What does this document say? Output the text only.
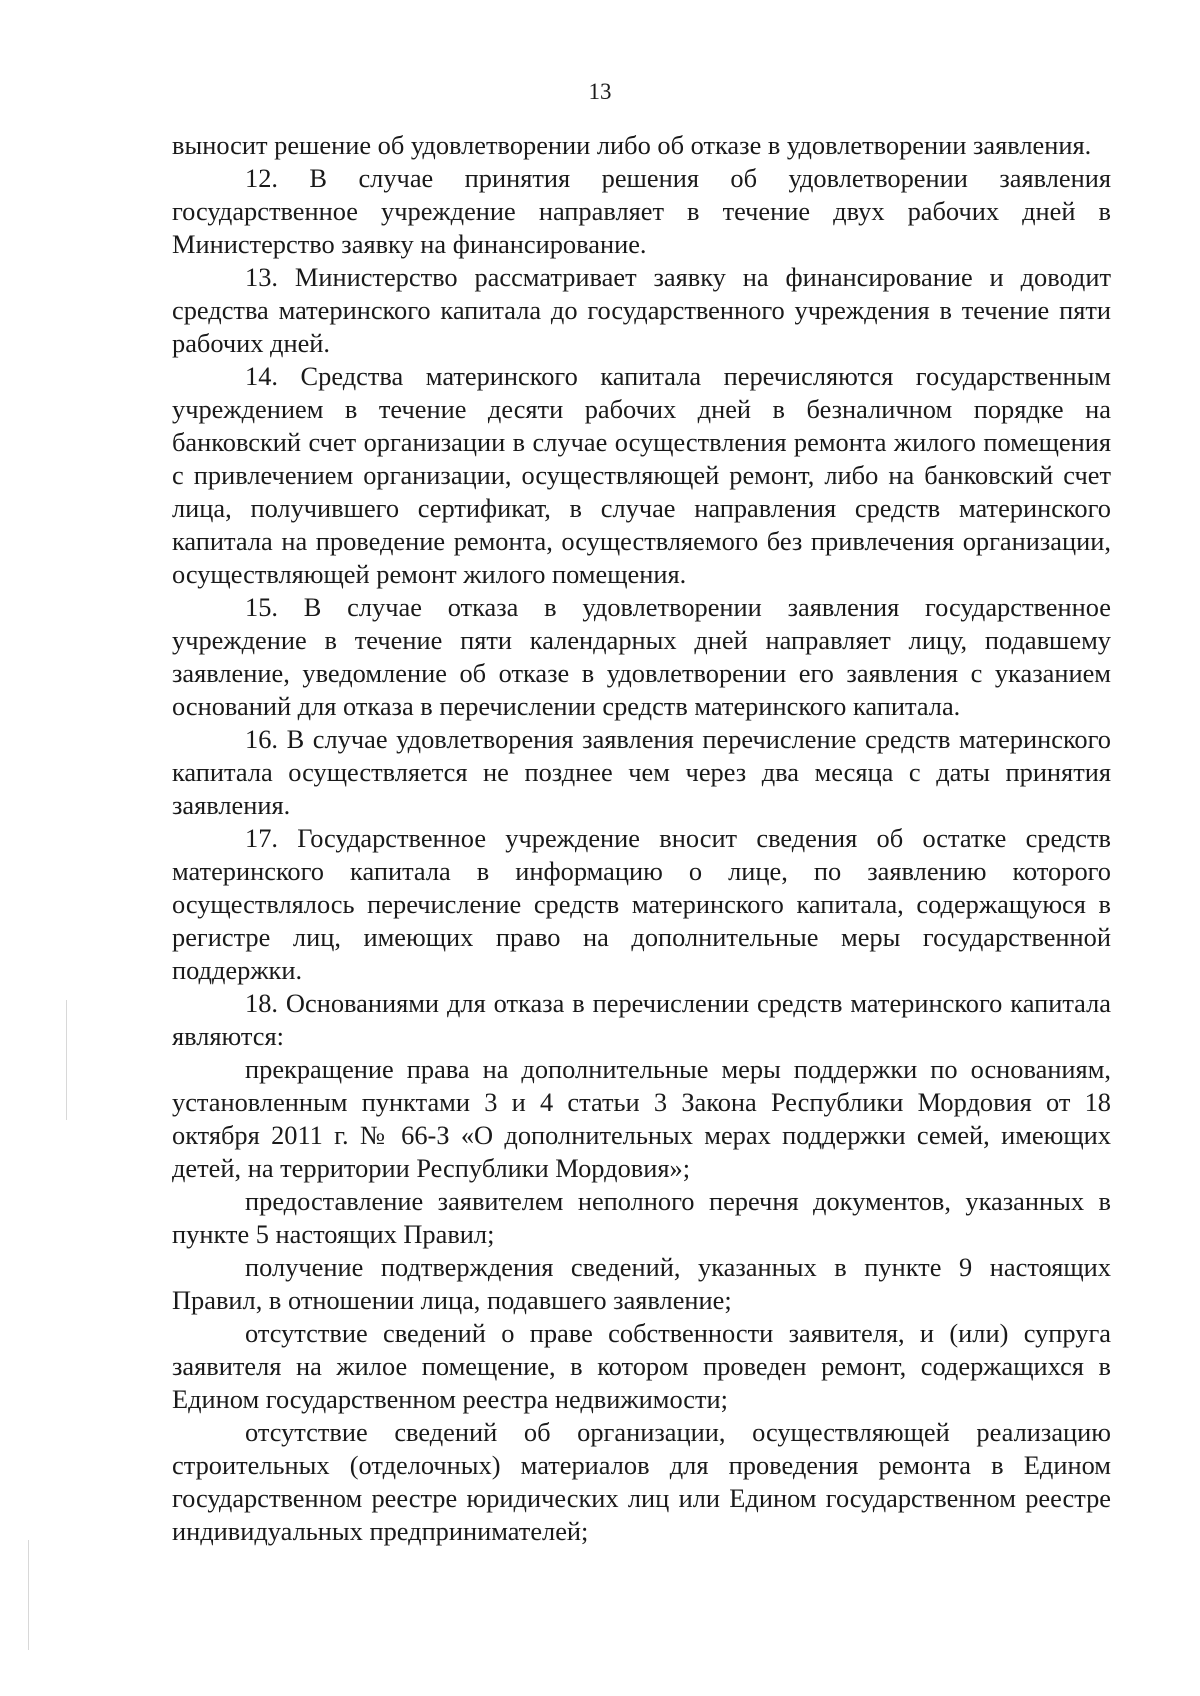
13

выносит решение об удовлетворении либо об отказе в удовлетворении заявления.

12. В случае принятия решения об удовлетворении заявления государственное учреждение направляет в течение двух рабочих дней в Министерство заявку на финансирование.

13. Министерство рассматривает заявку на финансирование и доводит средства материнского капитала до государственного учреждения в течение пяти рабочих дней.

14. Средства материнского капитала перечисляются государственным учреждением в течение десяти рабочих дней в безналичном порядке на банковский счет организации в случае осуществления ремонта жилого помещения с привлечением организации, осуществляющей ремонт, либо на банковский счет лица, получившего сертификат, в случае направления средств материнского капитала на проведение ремонта, осуществляемого без привлечения организации, осуществляющей ремонт жилого помещения.

15. В случае отказа в удовлетворении заявления государственное учреждение в течение пяти календарных дней направляет лицу, подавшему заявление, уведомление об отказе в удовлетворении его заявления с указанием оснований для отказа в перечислении средств материнского капитала.

16. В случае удовлетворения заявления перечисление средств материнского капитала осуществляется не позднее чем через два месяца с даты принятия заявления.

17. Государственное учреждение вносит сведения об остатке средств материнского капитала в информацию о лице, по заявлению которого осуществлялось перечисление средств материнского капитала, содержащуюся в регистре лиц, имеющих право на дополнительные меры государственной поддержки.

18. Основаниями для отказа в перечислении средств материнского капитала являются:

прекращение права на дополнительные меры поддержки по основаниям, установленным пунктами 3 и 4 статьи 3 Закона Республики Мордовия от 18 октября 2011 г. № 66-З «О дополнительных мерах поддержки семей, имеющих детей, на территории Республики Мордовия»;

предоставление заявителем неполного перечня документов, указанных в пункте 5 настоящих Правил;

получение подтверждения сведений, указанных в пункте 9 настоящих Правил, в отношении лица, подавшего заявление;

отсутствие сведений о праве собственности заявителя, и (или) супруга заявителя на жилое помещение, в котором проведен ремонт, содержащихся в Едином государственном реестра недвижимости;

отсутствие сведений об организации, осуществляющей реализацию строительных (отделочных) материалов для проведения ремонта в Едином государственном реестре юридических лиц или Едином государственном реестре индивидуальных предпринимателей;
